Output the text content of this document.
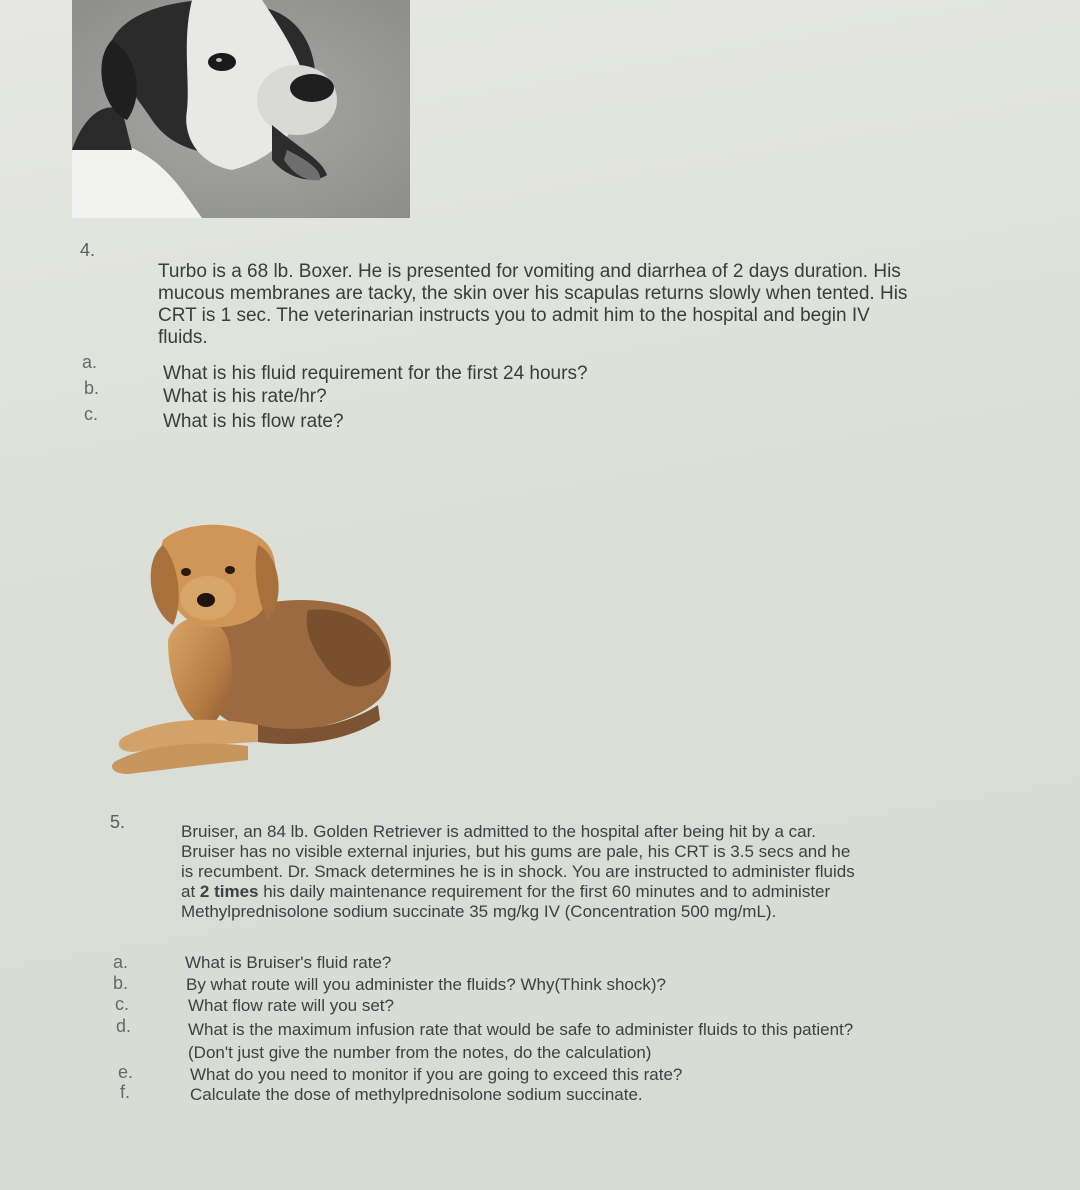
4.
Turbo is a 68 lb. Boxer. He is presented for vomiting and diarrhea of 2 days duration. His
mucous membranes are tacky, the skin over his scapulas returns slowly when tented. His
CRT is 1 sec. The veterinarian instructs you to admit him to the hospital and begin IV
fluids.
a.
What is his fluid requirement for the first 24 hours?
b.	What is his rate/hr?
c.	What is his flow rate?
5.	Bruiser, an 84 lb. Golden Retriever is admitted to the hospital after being hit by a car.
Bruiser has no visible external injuries, but his gums are pale, his CRT is 3.5 secs and he
is recumbent. Dr. Smack determines he is in shock. You are instructed to administer fluids
at 2 times his daily maintenance requirement for the first 60 minutes and to administer
Methylprednisolone sodium succinate 35 mg/kg IV (Concentration 500 mg/mL).
a.	What is Bruiser's fluid rate?
b.	By what route will you administer the fluids? Why(Think shock)?
c.	What flow rate will you set?
d.	What is the maximum infusion rate that would be safe to administer fluids to this patient?
(Don't just give the number from the notes, do the calculation)
e.	What do you need to monitor if you are going to exceed this rate?
f.	Calculate the dose of methylprednisolone sodium succinate.
